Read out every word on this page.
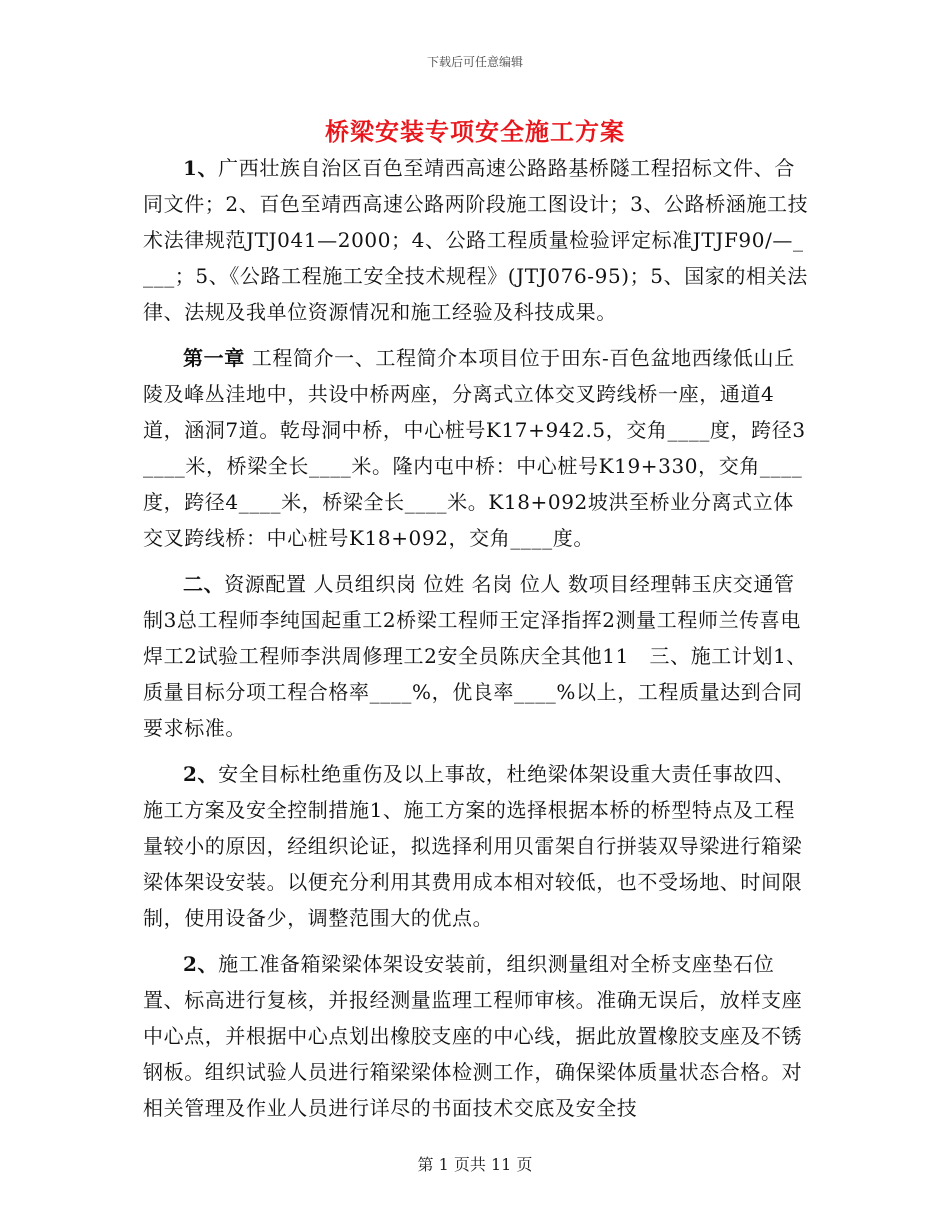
下载后可任意编辑
桥梁安装专项安全施工方案

1、广西壮族自治区百色至靖西高速公路路基桥隧工程招标文件、合同文件；2、百色至靖西高速公路两阶段施工图设计；3、公路桥涵施工技术法律规范JTJ041—2000；4、公路工程质量检验评定标准JTJF90/—____；5、《公路工程施工安全技术规程》(JTJ076-95)；5、国家的相关法律、法规及我单位资源情况和施工经验及科技成果。

第一章 工程简介一、工程简介本项目位于田东-百色盆地西缘低山丘陵及峰丛洼地中，共设中桥两座，分离式立体交叉跨线桥一座，通道4道，涵洞7道。乾母洞中桥，中心桩号K17+942.5，交角____度，跨径3____米，桥梁全长____米。隆内屯中桥：中心桩号K19+330，交角____度，跨径4____米，桥梁全长____米。K18+092坡洪至桥业分离式立体交叉跨线桥：中心桩号K18+092，交角____度。

二、资源配置 人员组织岗 位姓 名岗 位人 数项目经理韩玉庆交通管制3总工程师李纯国起重工2桥梁工程师王定泽指挥2测量工程师兰传喜电焊工2试验工程师李洪周修理工2安全员陈庆全其他11　三、施工计划1、质量目标分项工程合格率____%，优良率____%以上，工程质量达到合同要求标准。

2、安全目标杜绝重伤及以上事故，杜绝梁体架设重大责任事故四、施工方案及安全控制措施1、施工方案的选择根据本桥的桥型特点及工程量较小的原因，经组织论证，拟选择利用贝雷架自行拼装双导梁进行箱梁梁体架设安装。以便充分利用其费用成本相对较低，也不受场地、时间限制，使用设备少，调整范围大的优点。

2、施工准备箱梁梁体架设安装前，组织测量组对全桥支座垫石位置、标高进行复核，并报经测量监理工程师审核。准确无误后，放样支座中心点，并根据中心点划出橡胶支座的中心线，据此放置橡胶支座及不锈钢板。组织试验人员进行箱梁梁体检测工作，确保梁体质量状态合格。对相关管理及作业人员进行详尽的书面技术交底及安全技

第 1 页共 11 页
